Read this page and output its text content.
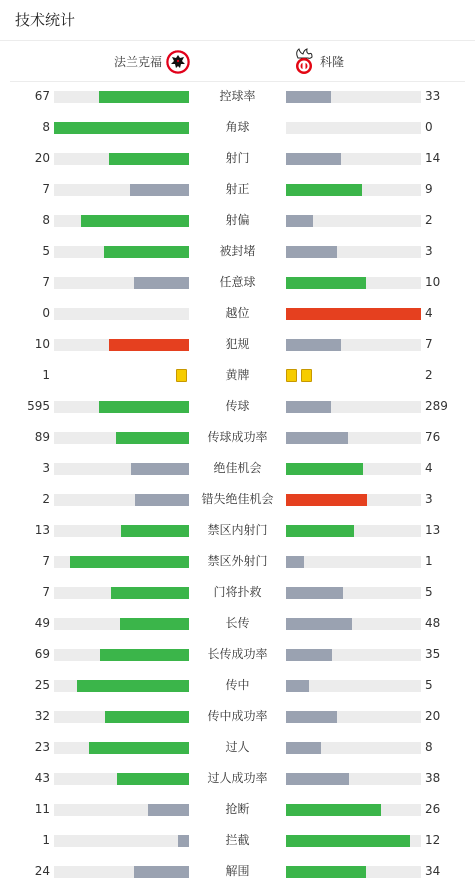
技术统计
法兰克福	科隆
67	控球率	33
8	角球	0
20	射门	14
7	射正	9
8	射偏	2
5	被封堵	3
7	任意球	10
0	越位	4
10	犯规	7
1	黄牌	2
595	传球	289
89	传球成功率	76
3	绝佳机会	4
2	错失绝佳机会	3
13	禁区内射门	13
7	禁区外射门	1
7	门将扑救	5
49	长传	48
69	长传成功率	35
25	传中	5
32	传中成功率	20
23	过人	8
43	过人成功率	38
11	抢断	26
1	拦截	12
24	解围	34
